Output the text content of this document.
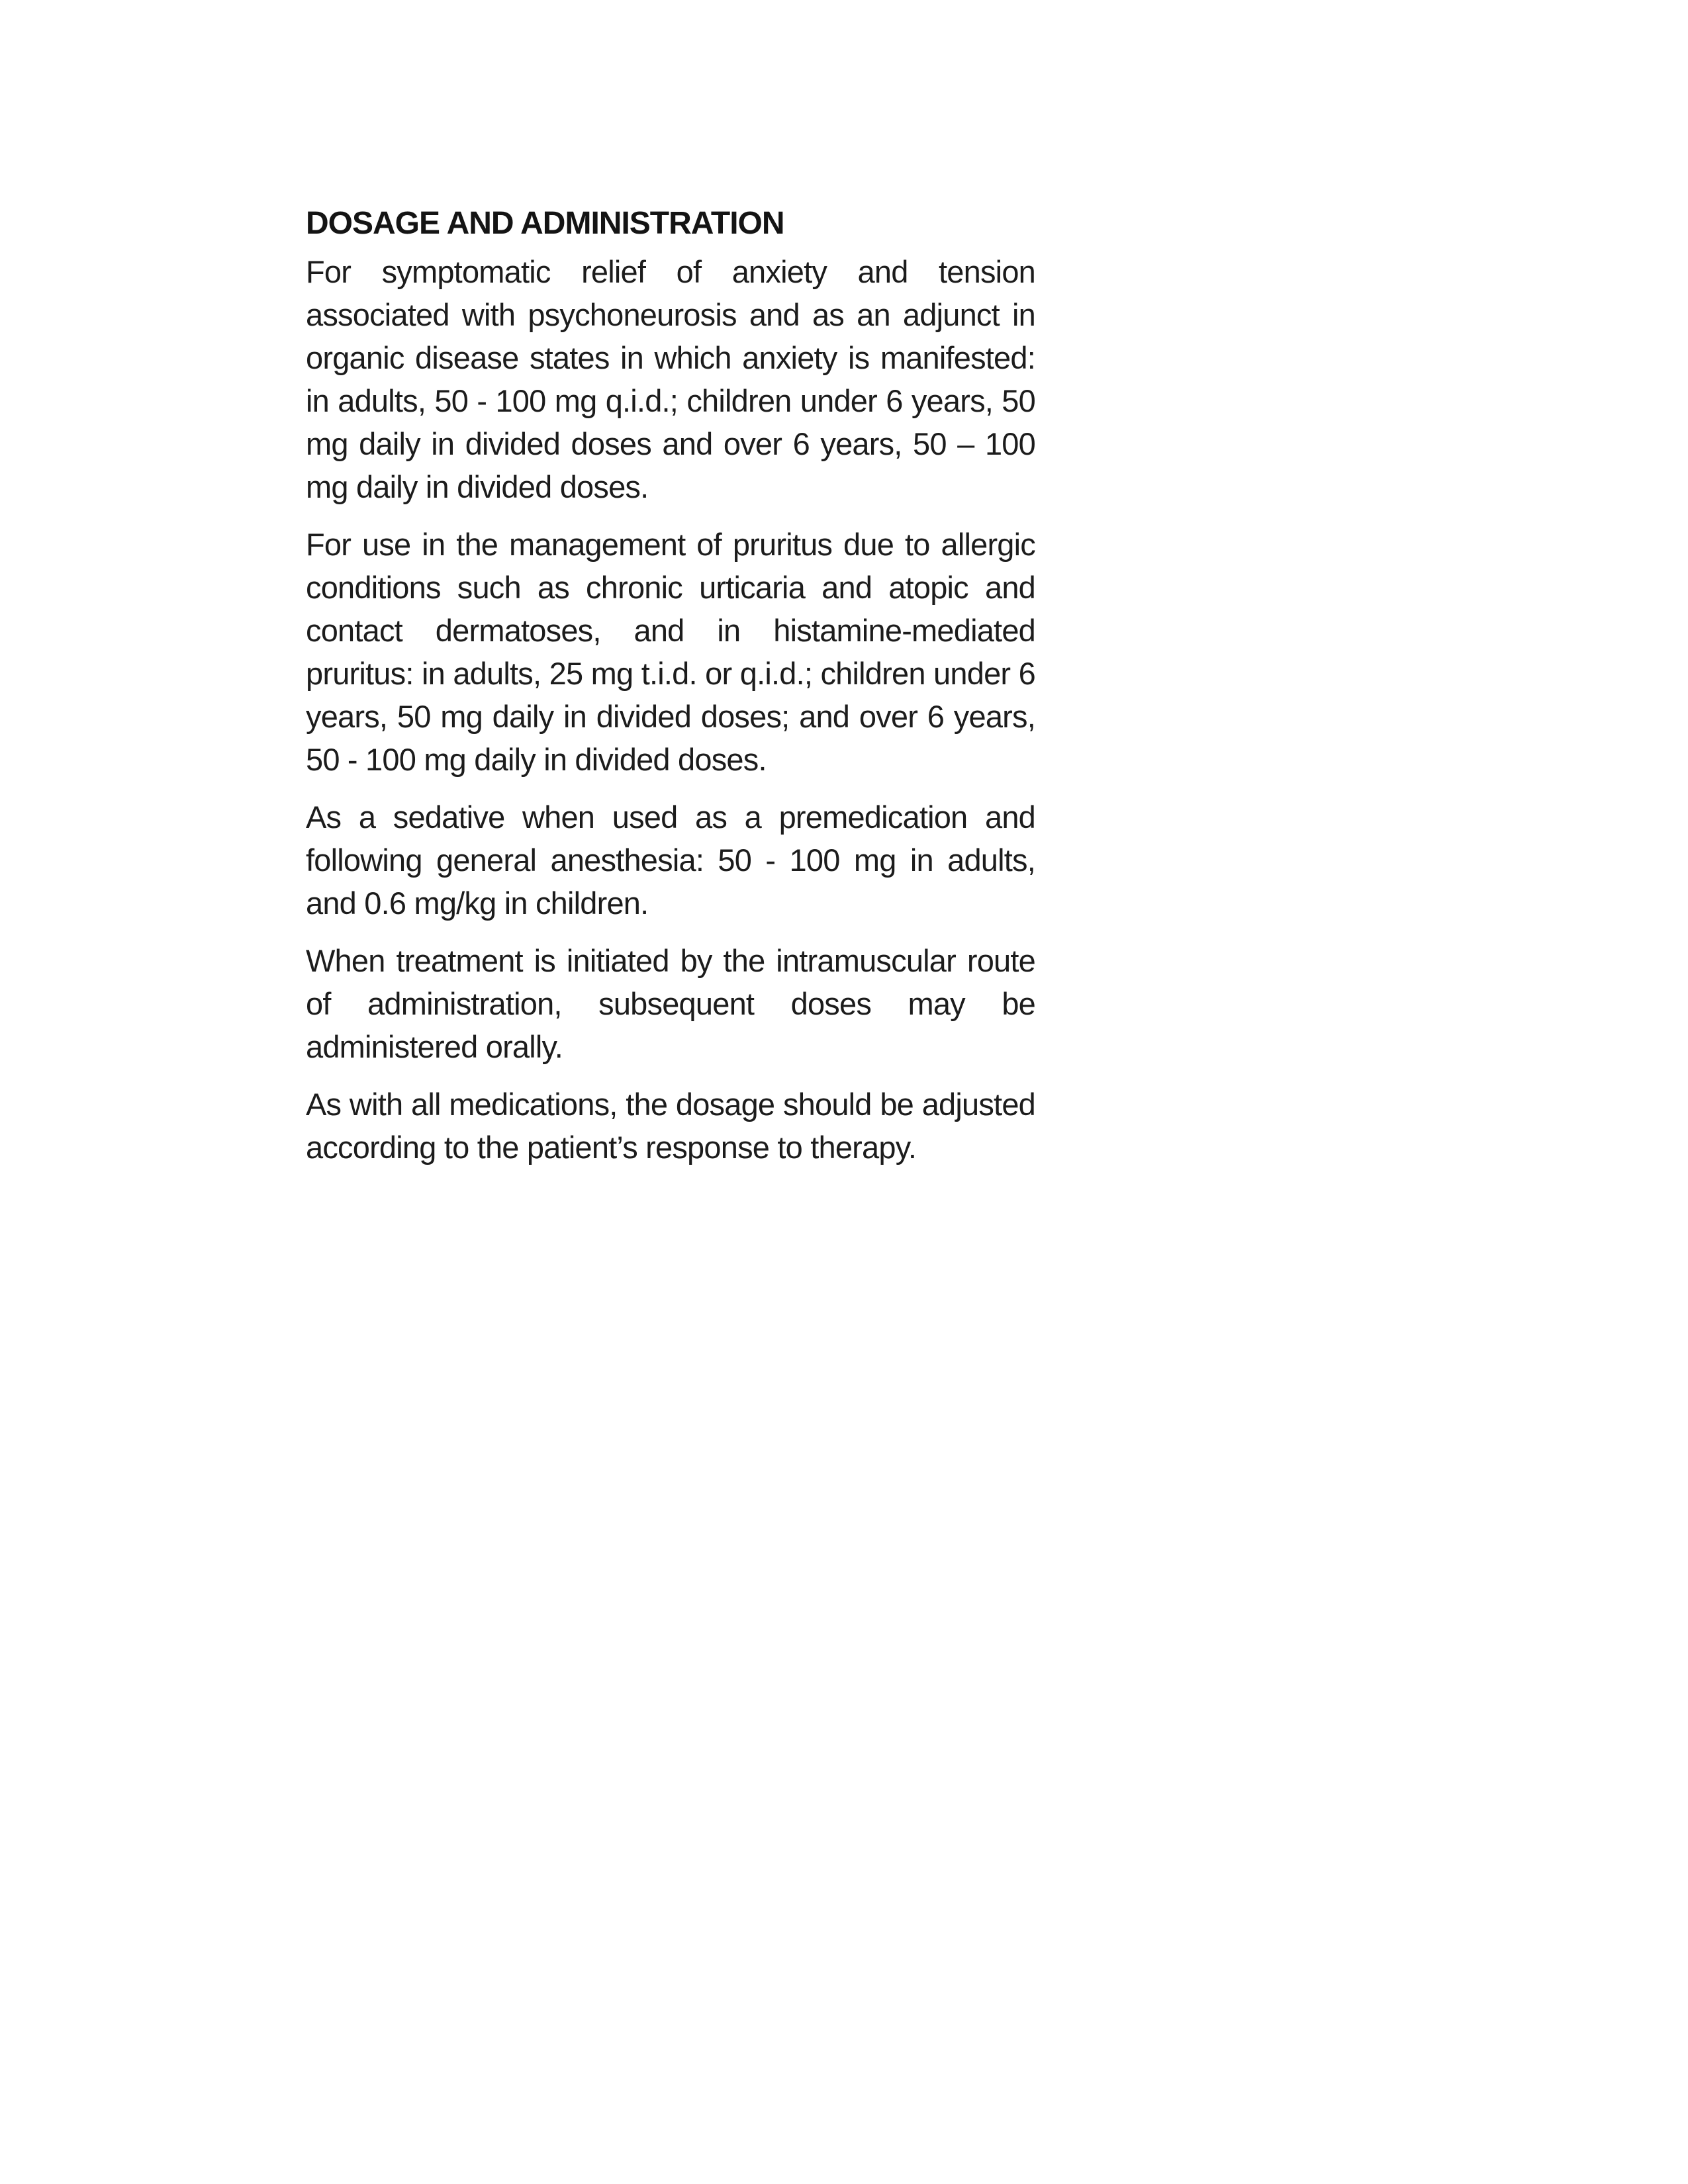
DOSAGE AND ADMINISTRATION

For symptomatic relief of anxiety and tension associated with psychoneurosis and as an adjunct in organic disease states in which anxiety is manifested: in adults, 50 - 100 mg q.i.d.; children under 6 years, 50 mg daily in divided doses and over 6 years, 50 – 100 mg daily in divided doses.

For use in the management of pruritus due to allergic conditions such as chronic urticaria and atopic and contact dermatoses, and in histamine-mediated pruritus: in adults, 25 mg t.i.d. or q.i.d.; children under 6 years, 50 mg daily in divided doses; and over 6 years, 50 - 100 mg daily in divided doses.

As a sedative when used as a premedication and following general anesthesia: 50 - 100 mg in adults, and 0.6 mg/kg in children.

When treatment is initiated by the intramuscular route of administration, subsequent doses may be administered orally.

As with all medications, the dosage should be adjusted according to the patient’s response to therapy.
